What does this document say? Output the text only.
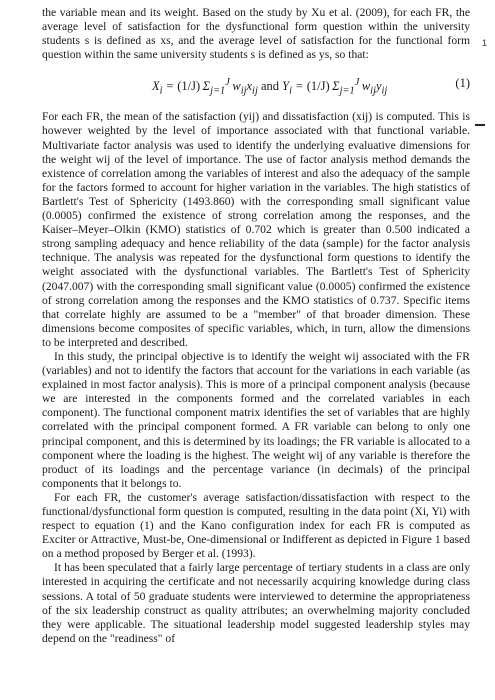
1

the variable mean and its weight. Based on the study by Xu et al. (2009), for each FR, the average level of satisfaction for the dysfunctional form question within the university students s is defined as xs, and the average level of satisfaction for the functional form question within the same university students s is defined as ys, so that:

$X_i = (1/J)$ $\Sigma_{j=1}^J$ $w_{ij}x_{ij}$ and $Y_i = (1/J)$ $\Sigma_{j=1}^J$ $w_{ij}y_{ij}$
(1)

For each FR, the mean of the satisfaction (yij) and dissatisfaction (xij) is computed. This is however weighted by the level of importance associated with that functional variable. Multivariate factor analysis was used to identify the underlying evaluative dimensions for the weight wij of the level of importance. The use of factor analysis method demands the existence of correlation among the variables of interest and also the adequacy of the sample for the factors formed to account for higher variation in the variables. The high statistics of Bartlett's Test of Sphericity (1493.860) with the corresponding small significant value (0.0005) confirmed the existence of strong correlation among the responses, and the Kaiser–Meyer–Olkin (KMO) statistics of 0.702 which is greater than 0.500 indicated a strong sampling adequacy and hence reliability of the data (sample) for the factor analysis technique. The analysis was repeated for the dysfunctional form questions to identify the weight associated with the dysfunctional variables. The Bartlett's Test of Sphericity (2047.007) with the corresponding small significant value (0.0005) confirmed the existence of strong correlation among the responses and the KMO statistics of 0.737. Specific items that correlate highly are assumed to be a "member" of that broader dimension. These dimensions become composites of specific variables, which, in turn, allow the dimensions to be interpreted and described.

In this study, the principal objective is to identify the weight wij associated with the FR (variables) and not to identify the factors that account for the variations in each variable (as explained in most factor analysis). This is more of a principal component analysis (because we are interested in the components formed and the correlated variables in each component). The functional component matrix identifies the set of variables that are highly correlated with the principal component formed. A FR variable can belong to only one principal component, and this is determined by its loadings; the FR variable is allocated to a component where the loading is the highest. The weight wij of any variable is therefore the product of its loadings and the percentage variance (in decimals) of the principal components that it belongs to.

For each FR, the customer's average satisfaction/dissatisfaction with respect to the functional/dysfunctional form question is computed, resulting in the data point (Xi, Yi) with respect to equation (1) and the Kano configuration index for each FR is computed as Exciter or Attractive, Must-be, One-dimensional or Indifferent as depicted in Figure 1 based on a method proposed by Berger et al. (1993).

It has been speculated that a fairly large percentage of tertiary students in a class are only interested in acquiring the certificate and not necessarily acquiring knowledge during class sessions. A total of 50 graduate students were interviewed to determine the appropriateness of the six leadership construct as quality attributes; an overwhelming majority concluded they were applicable. The situational leadership model suggested leadership styles may depend on the "readiness" of
